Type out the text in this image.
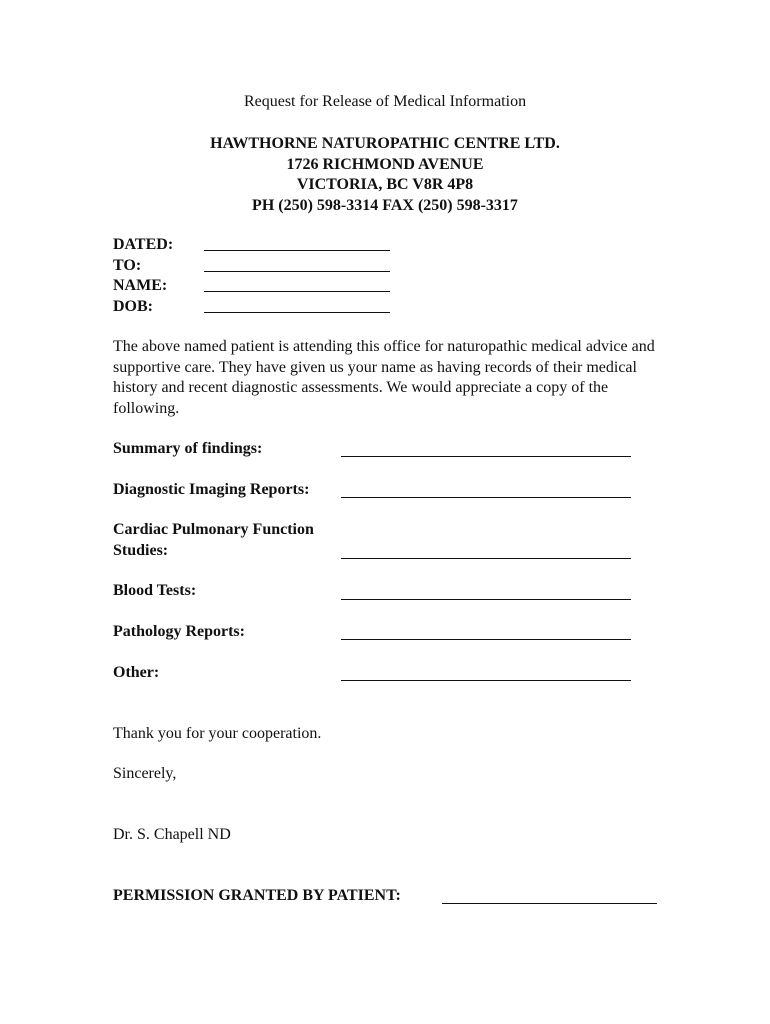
Request for Release of Medical Information
HAWTHORNE NATUROPATHIC CENTRE LTD.
1726 RICHMOND AVENUE
VICTORIA, BC V8R 4P8
PH (250) 598-3314 FAX (250) 598-3317
DATED:
TO:
NAME:
DOB:
The above named patient is attending this office for naturopathic medical advice and supportive care. They have given us your name as having records of their medical history and recent diagnostic assessments. We would appreciate a copy of the following.
Summary of findings:
Diagnostic Imaging Reports:
Cardiac Pulmonary Function
Studies:
Blood Tests:
Pathology Reports:
Other:
Thank you for your cooperation.
Sincerely,
Dr. S. Chapell ND
PERMISSION GRANTED BY PATIENT:
